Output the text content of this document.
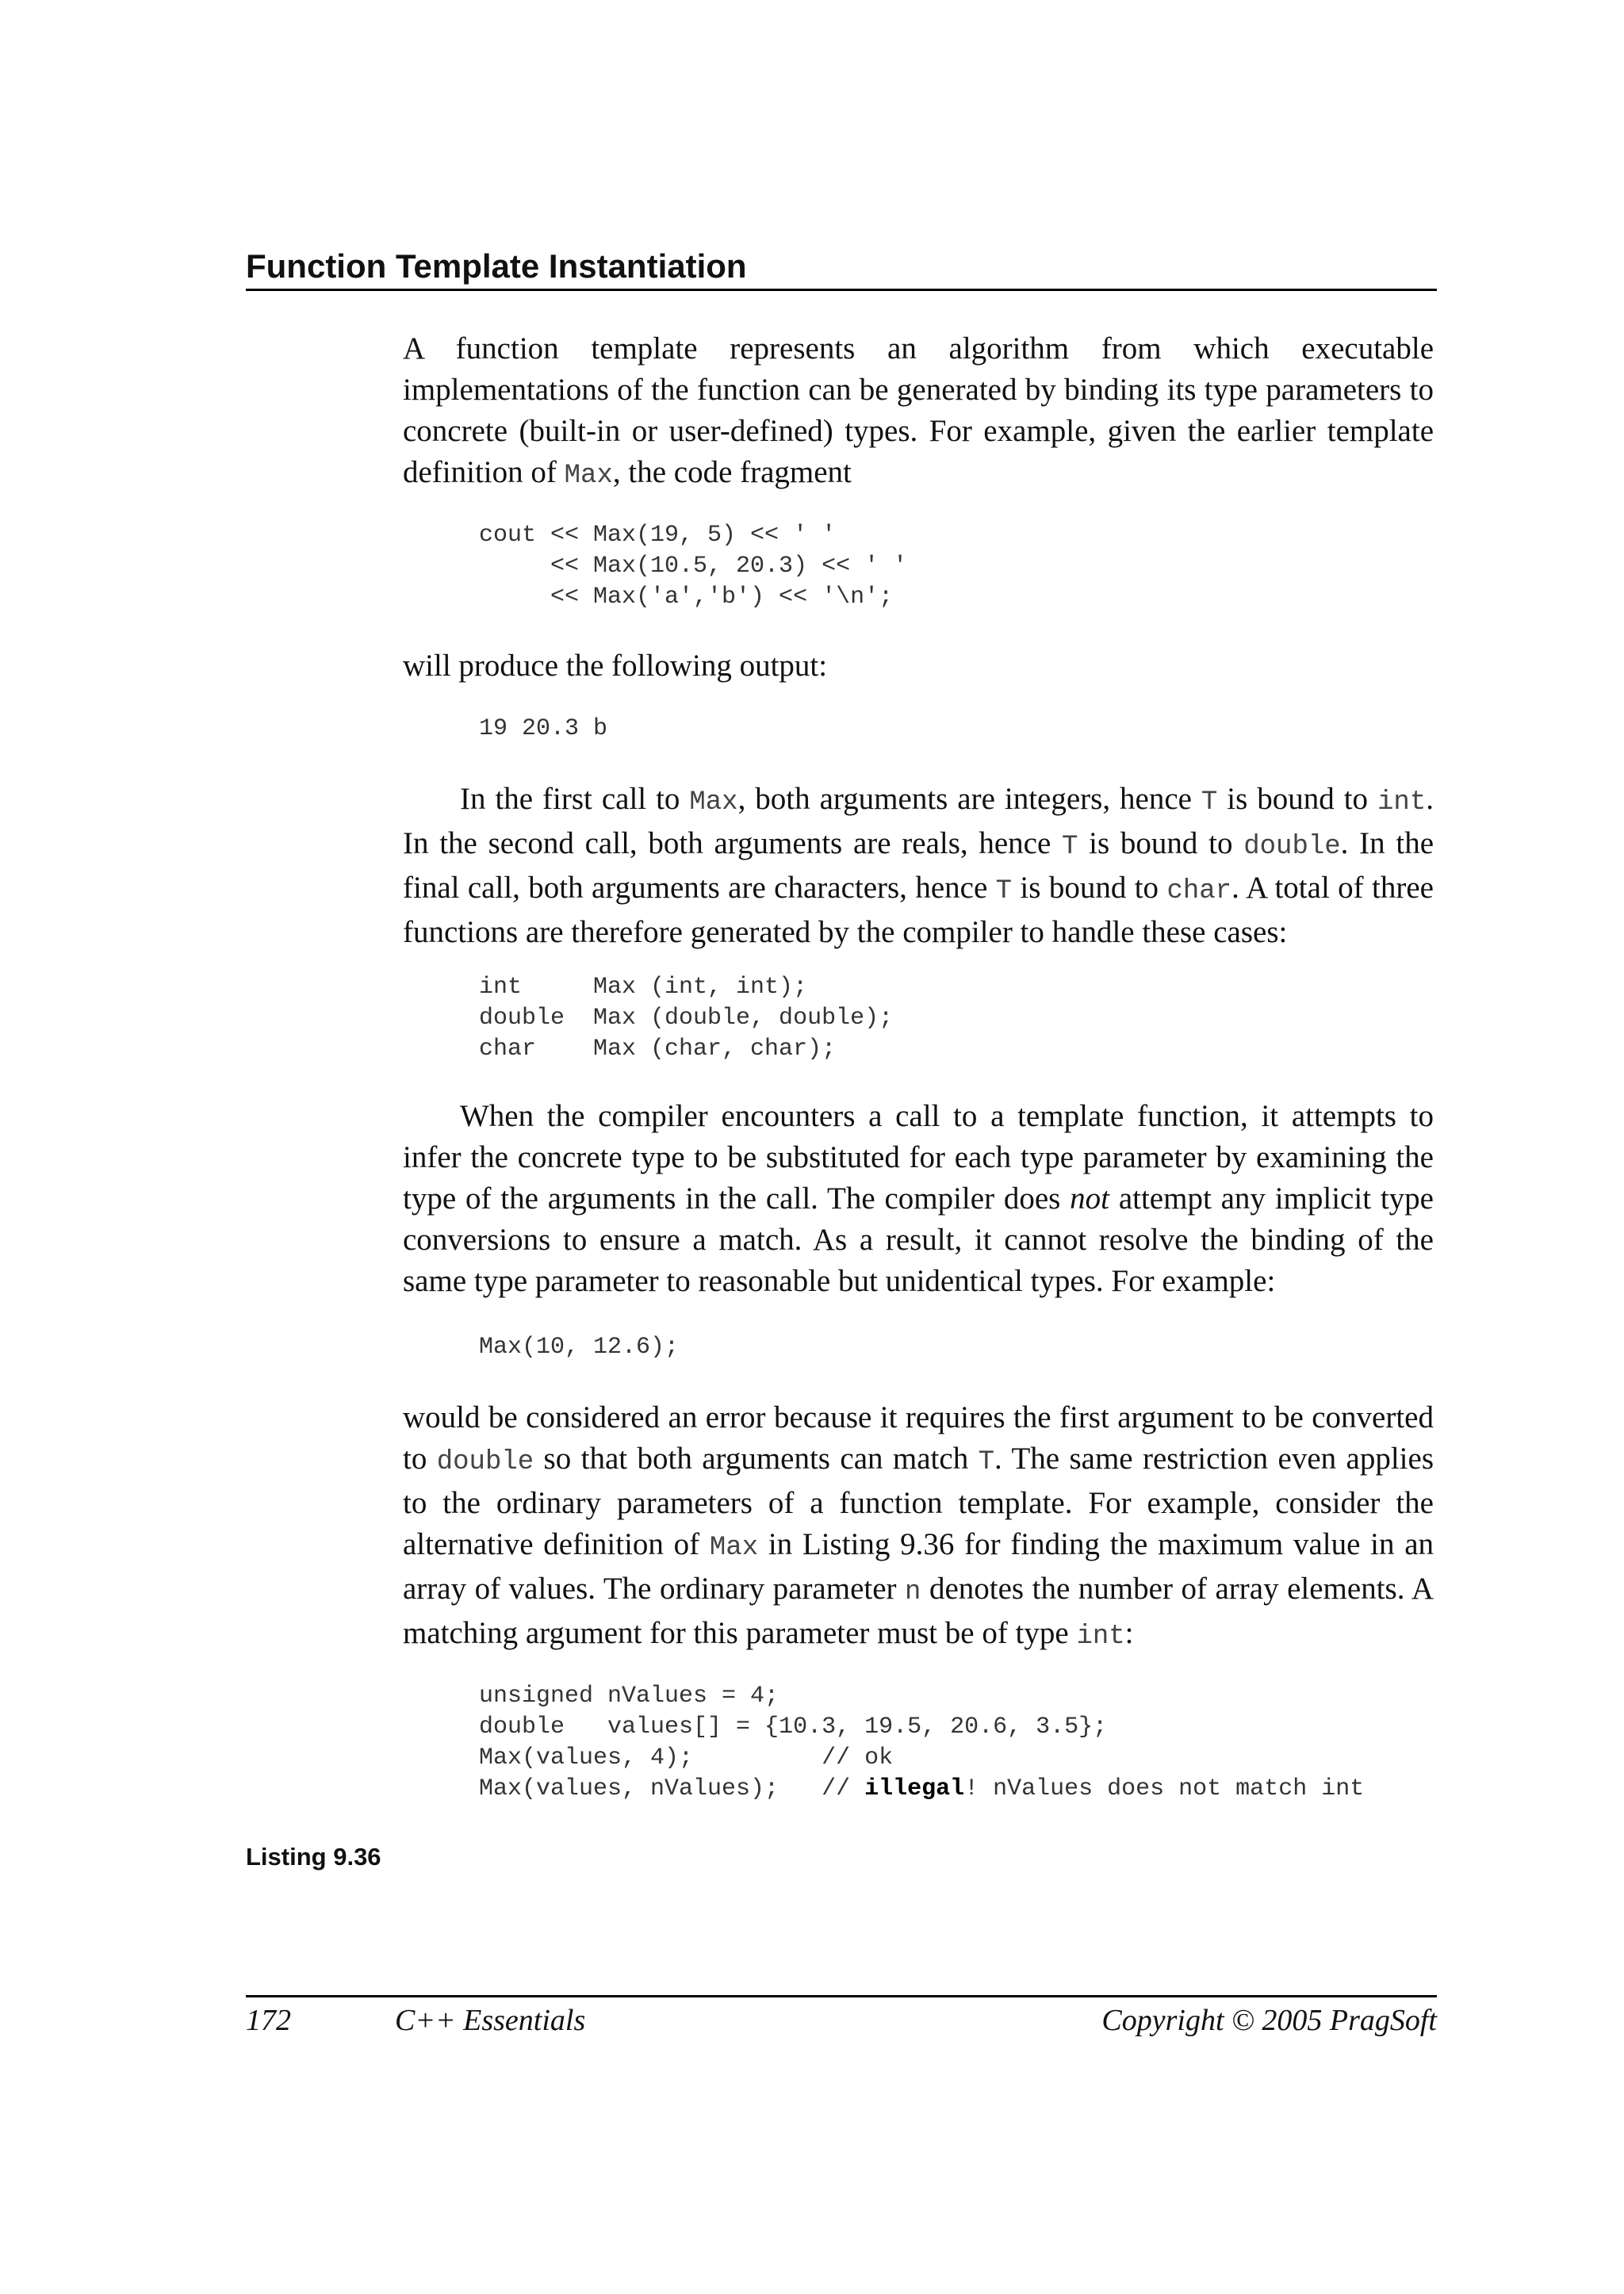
Function Template Instantiation

A function template represents an algorithm from which executable implementations of the function can be generated by binding its type parameters to concrete (built-in or user-defined) types. For example, given the earlier template definition of Max, the code fragment

cout << Max(19, 5) << ' '
<< Max(10.5, 20.3) << ' '
<< Max('a','b') << '\n';

will produce the following output:

19 20.3 b

In the first call to Max, both arguments are integers, hence T is bound to int. In the second call, both arguments are reals, hence T is bound to double. In the final call, both arguments are characters, hence T is bound to char. A total of three functions are therefore generated by the compiler to handle these cases:

int     Max (int, int);
double  Max (double, double);
char    Max (char, char);

When the compiler encounters a call to a template function, it attempts to infer the concrete type to be substituted for each type parameter by examining the type of the arguments in the call. The compiler does not attempt any implicit type conversions to ensure a match. As a result, it cannot resolve the binding of the same type parameter to reasonable but unidentical types. For example:

Max(10, 12.6);

would be considered an error because it requires the first argument to be converted to double so that both arguments can match T. The same restriction even applies to the ordinary parameters of a function template. For example, consider the alternative definition of Max in Listing 9.36 for finding the maximum value in an array of values. The ordinary parameter n denotes the number of array elements. A matching argument for this parameter must be of type int:

unsigned nValues = 4;
double   values[] = {10.3, 19.5, 20.6, 3.5};
Max(values, 4);         // ok
Max(values, nValues);   // illegal! nValues does not match int
Listing 9.36
172	C++ Essentials	Copyright © 2005 PragSoft
